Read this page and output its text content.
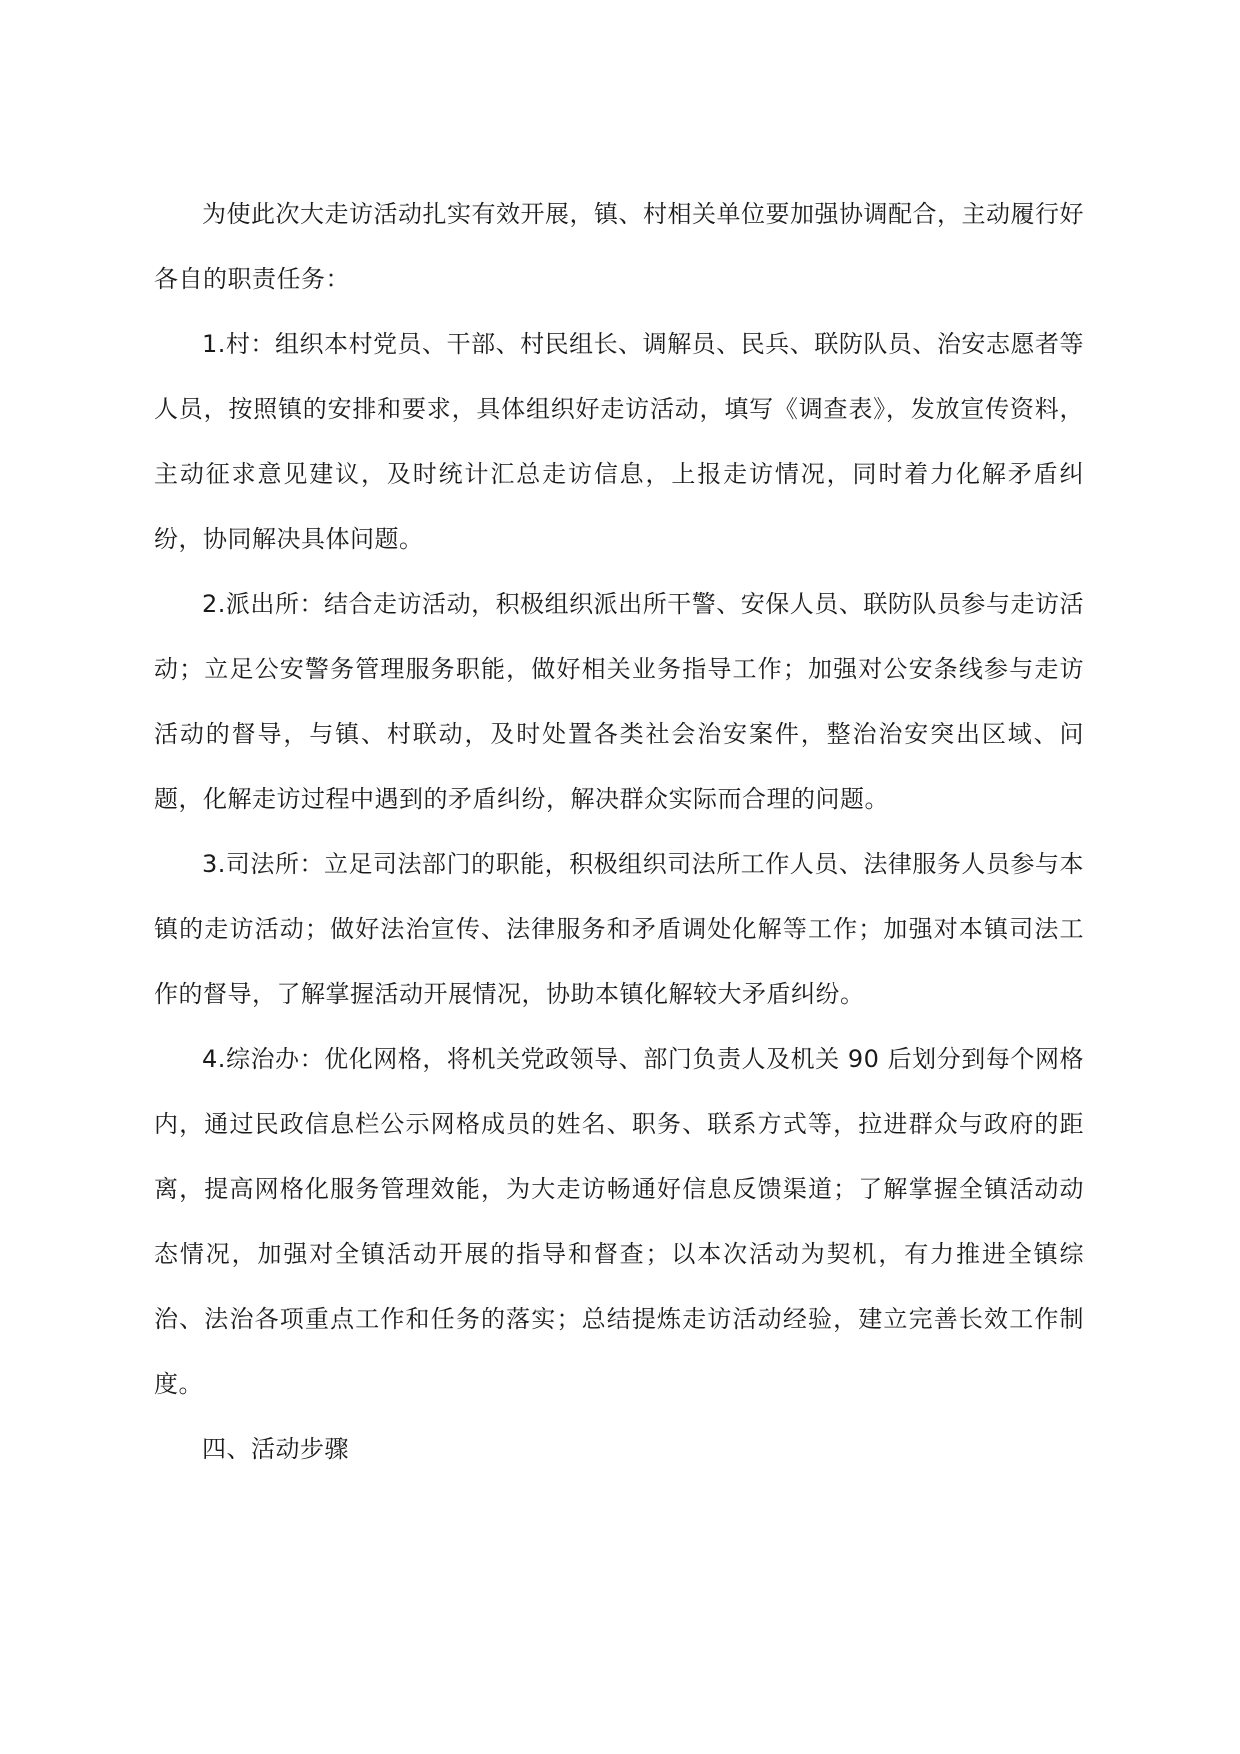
为使此次大走访活动扎实有效开展，镇、村相关单位要加强协调配合，主动履行好各自的职责任务：

1.村：组织本村党员、干部、村民组长、调解员、民兵、联防队员、治安志愿者等人员，按照镇的安排和要求，具体组织好走访活动，填写《调查表》，发放宣传资料，主动征求意见建议，及时统计汇总走访信息，上报走访情况，同时着力化解矛盾纠纷，协同解决具体问题。

2.派出所：结合走访活动，积极组织派出所干警、安保人员、联防队员参与走访活动；立足公安警务管理服务职能，做好相关业务指导工作；加强对公安条线参与走访活动的督导，与镇、村联动，及时处置各类社会治安案件，整治治安突出区域、问题，化解走访过程中遇到的矛盾纠纷，解决群众实际而合理的问题。

3.司法所：立足司法部门的职能，积极组织司法所工作人员、法律服务人员参与本镇的走访活动；做好法治宣传、法律服务和矛盾调处化解等工作；加强对本镇司法工作的督导，了解掌握活动开展情况，协助本镇化解较大矛盾纠纷。

4.综治办：优化网格，将机关党政领导、部门负责人及机关 90 后划分到每个网格内，通过民政信息栏公示网格成员的姓名、职务、联系方式等，拉进群众与政府的距离，提高网格化服务管理效能，为大走访畅通好信息反馈渠道；了解掌握全镇活动动态情况，加强对全镇活动开展的指导和督查；以本次活动为契机，有力推进全镇综治、法治各项重点工作和任务的落实；总结提炼走访活动经验，建立完善长效工作制度。

四、活动步骤
